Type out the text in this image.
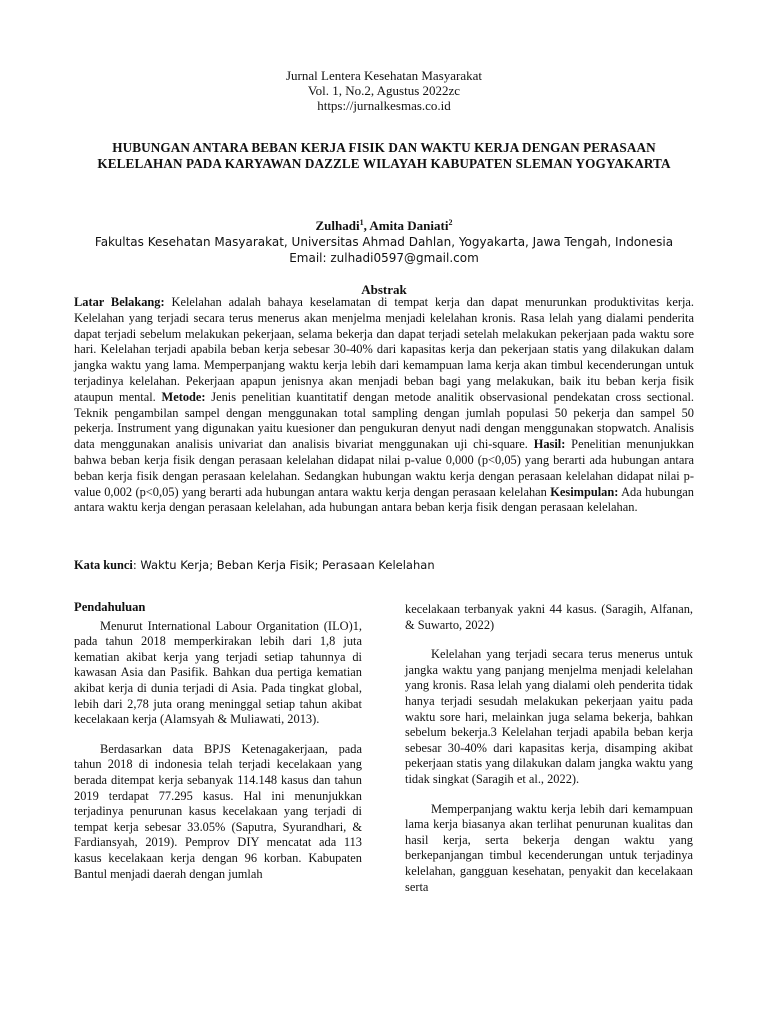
Jurnal Lentera Kesehatan Masyarakat
Vol. 1, No.2, Agustus 2022zc
https://jurnalkesmas.co.id
HUBUNGAN ANTARA BEBAN KERJA FISIK DAN WAKTU KERJA DENGAN PERASAAN KELELAHAN PADA KARYAWAN DAZZLE WILAYAH KABUPATEN SLEMAN YOGYAKARTA
Zulhadi$^1$, Amita Daniati$^2$
Fakultas Kesehatan Masyarakat, Universitas Ahmad Dahlan, Yogyakarta, Jawa Tengah, Indonesia
Email: zulhadi0597@gmail.com
Abstrak
Latar Belakang: Kelelahan adalah bahaya keselamatan di tempat kerja dan dapat menurunkan produktivitas kerja. Kelelahan yang terjadi secara terus menerus akan menjelma menjadi kelelahan kronis. Rasa lelah yang dialami penderita dapat terjadi sebelum melakukan pekerjaan, selama bekerja dan dapat terjadi setelah melakukan pekerjaan pada waktu sore hari. Kelelahan terjadi apabila beban kerja sebesar 30-40% dari kapasitas kerja dan pekerjaan statis yang dilakukan dalam jangka waktu yang lama. Memperpanjang waktu kerja lebih dari kemampuan lama kerja akan timbul kecenderungan untuk terjadinya kelelahan. Pekerjaan apapun jenisnya akan menjadi beban bagi yang melakukan, baik itu beban kerja fisik ataupun mental. Metode: Jenis penelitian kuantitatif dengan metode analitik observasional pendekatan cross sectional. Teknik pengambilan sampel dengan menggunakan total sampling dengan jumlah populasi 50 pekerja dan sampel 50 pekerja. Instrument yang digunakan yaitu kuesioner dan pengukuran denyut nadi dengan menggunakan stopwatch. Analisis data menggunakan analisis univariat dan analisis bivariat menggunakan uji chi-square. Hasil: Penelitian menunjukkan bahwa beban kerja fisik dengan perasaan kelelahan didapat nilai p-value 0,000 (p<0,05) yang berarti ada hubungan antara beban kerja fisik dengan perasaan kelelahan. Sedangkan hubungan waktu kerja dengan perasaan kelelahan didapat nilai p-value 0,002 (p<0,05) yang berarti ada hubungan antara waktu kerja dengan perasaan kelelahan Kesimpulan: Ada hubungan antara waktu kerja dengan perasaan kelelahan, ada hubungan antara beban kerja fisik dengan perasaan kelelahan.
Kata kunci: Waktu Kerja; Beban Kerja Fisik; Perasaan Kelelahan
Pendahuluan

Menurut International Labour Organitation (ILO)1, pada tahun 2018 memperkirakan lebih dari 1,8 juta kematian akibat kerja yang terjadi setiap tahunnya di kawasan Asia dan Pasifik. Bahkan dua pertiga kematian akibat kerja di dunia terjadi di Asia. Pada tingkat global, lebih dari 2,78 juta orang meninggal setiap tahun akibat kecelakaan kerja (Alamsyah & Muliawati, 2013).

Berdasarkan data BPJS Ketenagakerjaan, pada tahun 2018 di indonesia telah terjadi kecelakaan yang berada ditempat kerja sebanyak 114.148 kasus dan tahun 2019 terdapat 77.295 kasus. Hal ini menunjukkan terjadinya penurunan kasus kecelakaan yang terjadi di tempat kerja sebesar 33.05% (Saputra, Syurandhari, & Fardiansyah, 2019). Pemprov DIY mencatat ada 113 kasus kecelakaan kerja dengan 96 korban. Kabupaten Bantul menjadi daerah dengan jumlah

kecelakaan terbanyak yakni 44 kasus. (Saragih, Alfanan, & Suwarto, 2022)

Kelelahan yang terjadi secara terus menerus untuk jangka waktu yang panjang menjelma menjadi kelelahan yang kronis. Rasa lelah yang dialami oleh penderita tidak hanya terjadi sesudah melakukan pekerjaan yaitu pada waktu sore hari, melainkan juga selama bekerja, bahkan sebelum bekerja.3 Kelelahan terjadi apabila beban kerja sebesar 30-40% dari kapasitas kerja, disamping akibat pekerjaan statis yang dilakukan dalam jangka waktu yang tidak singkat (Saragih et al., 2022).

Memperpanjang waktu kerja lebih dari kemampuan lama kerja biasanya akan terlihat penurunan kualitas dan hasil kerja, serta bekerja dengan waktu yang berkepanjangan timbul kecenderungan untuk terjadinya kelelahan, gangguan kesehatan, penyakit dan kecelakaan serta
